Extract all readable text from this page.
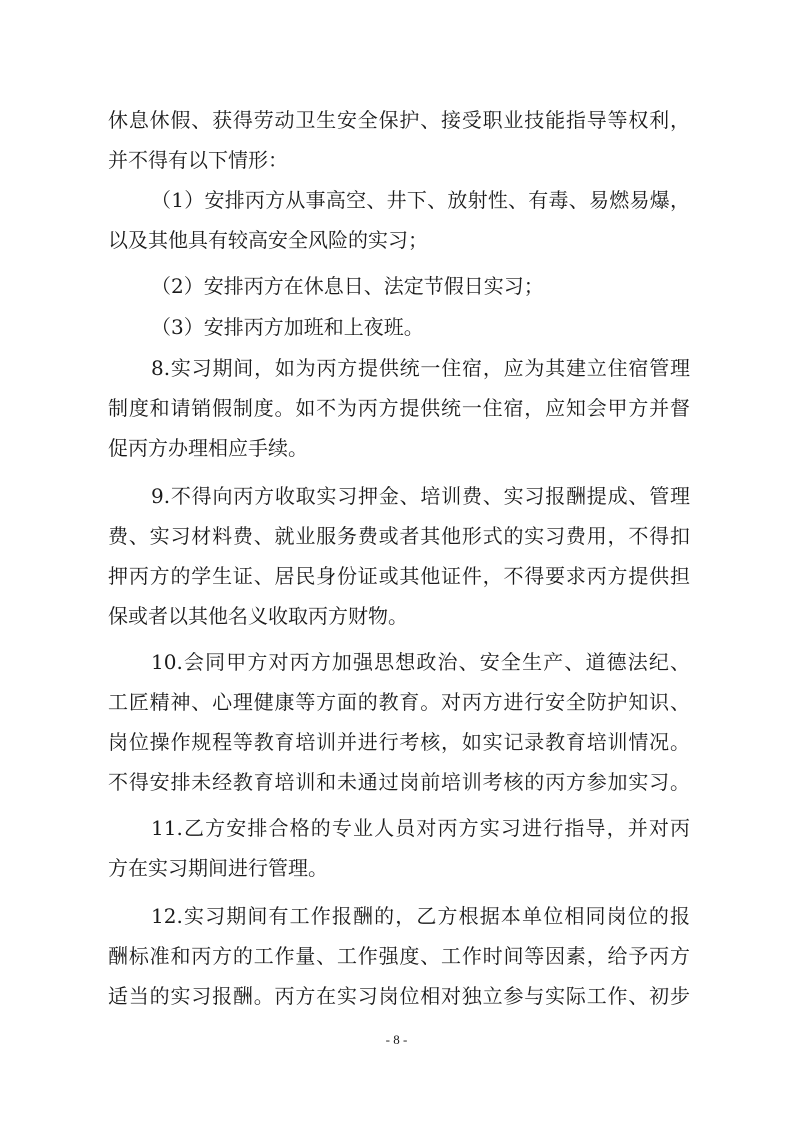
休息休假、获得劳动卫生安全保护、接受职业技能指导等权利，
并不得有以下情形：
（1）安排丙方从事高空、井下、放射性、有毒、易燃易爆，
以及其他具有较高安全风险的实习；
（2）安排丙方在休息日、法定节假日实习；
（3）安排丙方加班和上夜班。
8.实习期间，如为丙方提供统一住宿，应为其建立住宿管理
制度和请销假制度。如不为丙方提供统一住宿，应知会甲方并督
促丙方办理相应手续。
9.不得向丙方收取实习押金、培训费、实习报酬提成、管理
费、实习材料费、就业服务费或者其他形式的实习费用，不得扣
押丙方的学生证、居民身份证或其他证件，不得要求丙方提供担
保或者以其他名义收取丙方财物。
10.会同甲方对丙方加强思想政治、安全生产、道德法纪、
工匠精神、心理健康等方面的教育。对丙方进行安全防护知识、
岗位操作规程等教育培训并进行考核，如实记录教育培训情况。
不得安排未经教育培训和未通过岗前培训考核的丙方参加实习。
11.乙方安排合格的专业人员对丙方实习进行指导，并对丙
方在实习期间进行管理。
12.实习期间有工作报酬的，乙方根据本单位相同岗位的报
酬标准和丙方的工作量、工作强度、工作时间等因素，给予丙方
适当的实习报酬。丙方在实习岗位相对独立参与实际工作、初步
- 8 -
